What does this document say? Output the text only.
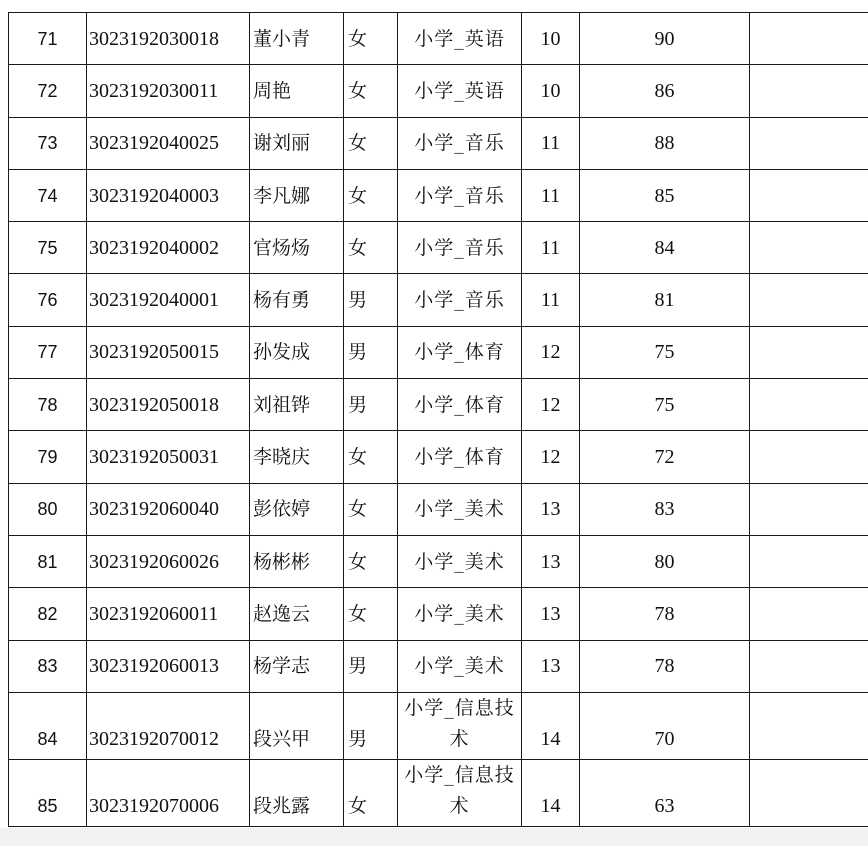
71	3023192030018	董小青	女	小学_英语	10	90	
72	3023192030011	周艳	女	小学_英语	10	86	
73	3023192040025	谢刘丽	女	小学_音乐	11	88	
74	3023192040003	李凡娜	女	小学_音乐	11	85	
75	3023192040002	官炀炀	女	小学_音乐	11	84	
76	3023192040001	杨有勇	男	小学_音乐	11	81	
77	3023192050015	孙发成	男	小学_体育	12	75	
78	3023192050018	刘祖铧	男	小学_体育	12	75	
79	3023192050031	李晓庆	女	小学_体育	12	72	
80	3023192060040	彭依婷	女	小学_美术	13	83	
81	3023192060026	杨彬彬	女	小学_美术	13	80	
82	3023192060011	赵逸云	女	小学_美术	13	78	
83	3023192060013	杨学志	男	小学_美术	13	78	
84	3023192070012	段兴甲	男	小学_信息技术	14	70	
85	3023192070006	段兆露	女	小学_信息技术	14	63	
